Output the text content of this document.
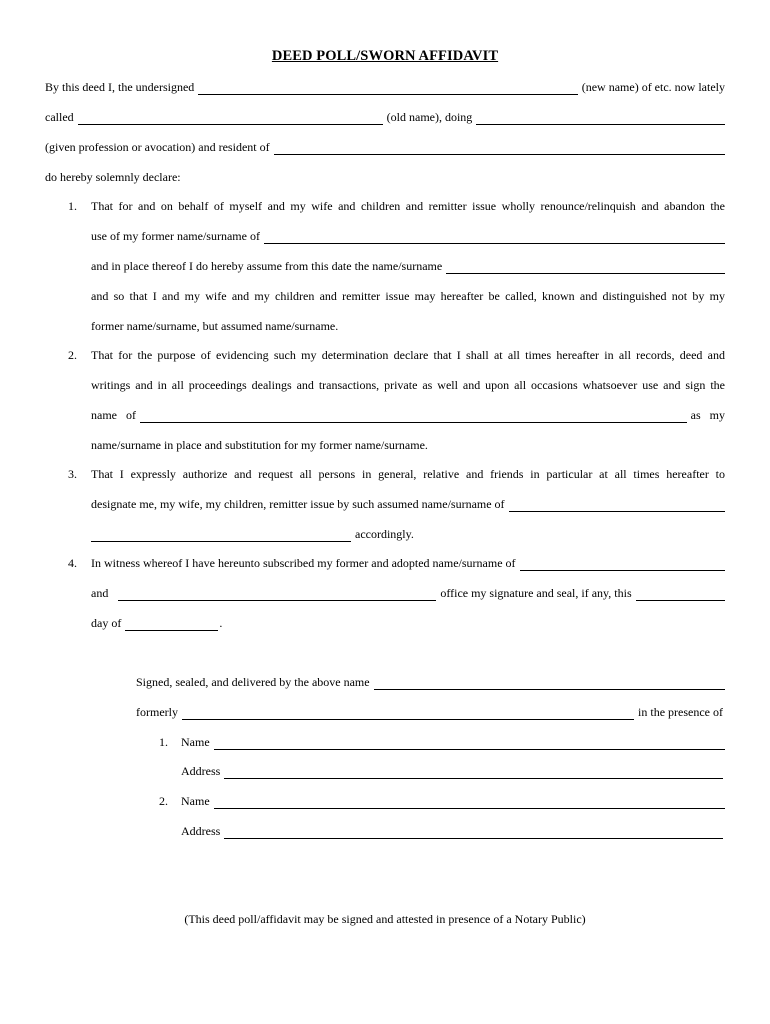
DEED POLL/SWORN AFFIDAVIT
By this deed I, the undersigned	(new name) of etc. now lately
called	(old name), doing
(given profession or avocation) and resident of
do hereby solemnly declare:
1. That for and on behalf of myself and my wife and children and remitter issue wholly renounce/relinquish and abandon the
use of my former name/surname of
and in place thereof I do hereby assume from this date the name/surname
and so that I and my wife and my children and remitter issue may hereafter be called, known and distinguished not by my
former name/surname, but assumed name/surname.
2. That for the purpose of evidencing such my determination declare that I shall at all times hereafter in all records, deed and
writings and in all proceedings dealings and transactions, private as well and upon all occasions whatsoever use and sign the
name of	as my
name/surname in place and substitution for my former name/surname.
3. That I expressly authorize and request all persons in general, relative and friends in particular at all times hereafter to
designate me, my wife, my children, remitter issue by such assumed name/surname of
accordingly.
4. In witness whereof I have hereunto subscribed my former and adopted name/surname of
and	office my signature and seal, if any, this
day of	.
Signed, sealed, and delivered by the above name
formerly	in the presence of
1. Name
Address
2. Name
Address
(This deed poll/affidavit may be signed and attested in presence of a Notary Public)
